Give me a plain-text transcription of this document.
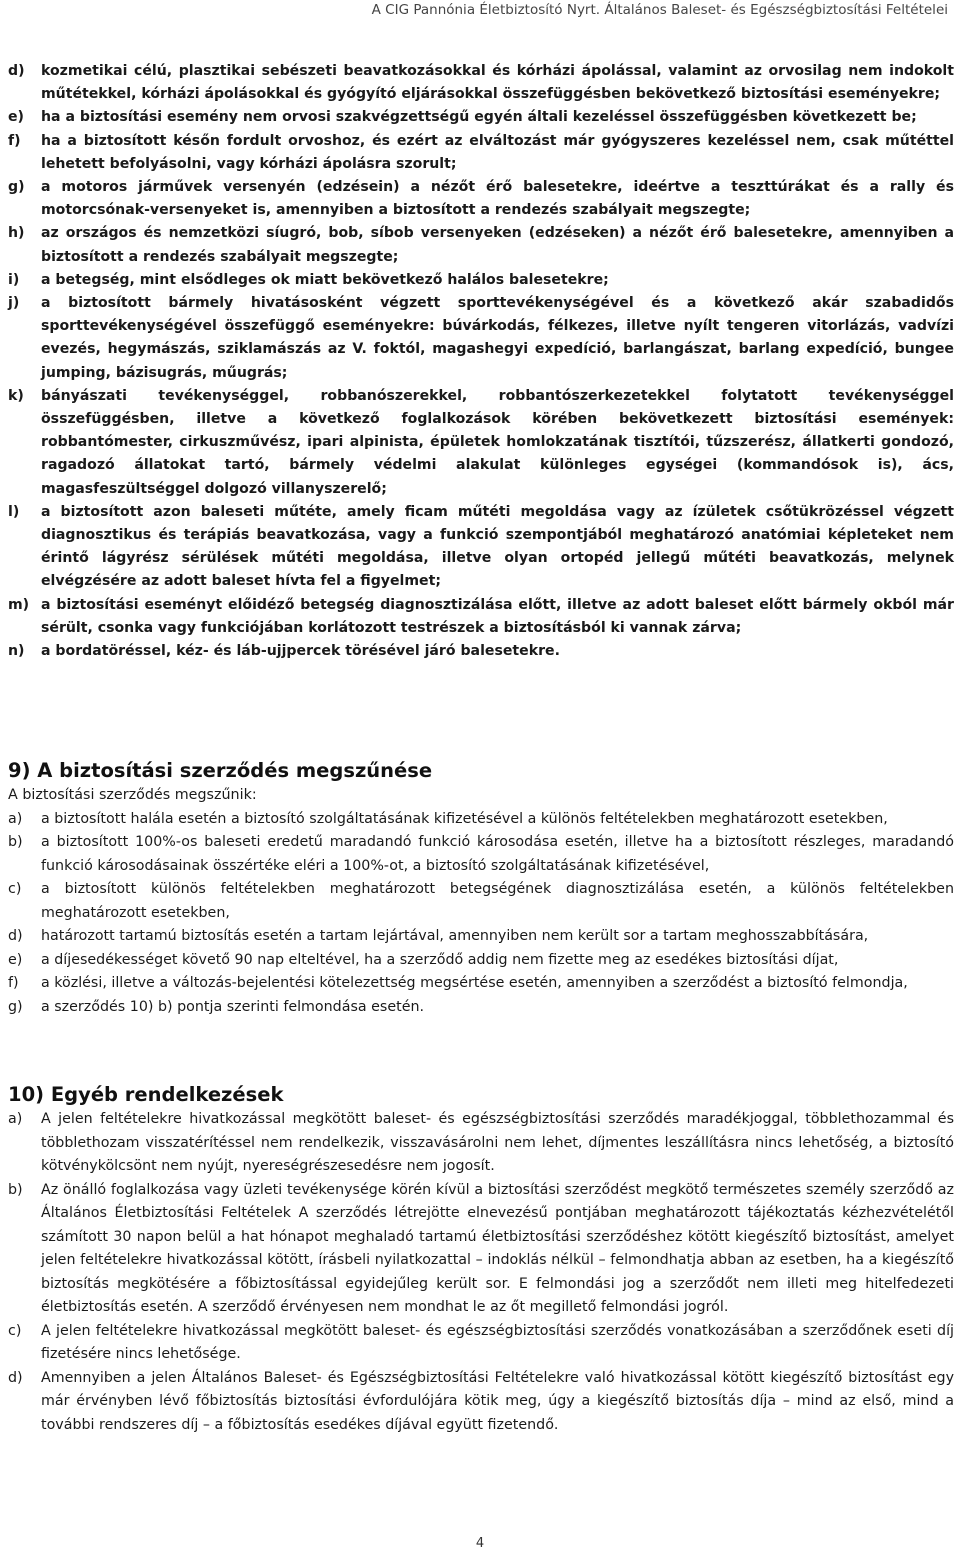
A CIG Pannónia Életbiztosító Nyrt. Általános Baleset- és Egészségbiztosítási Feltételei
d)	kozmetikai célú, plasztikai sebészeti beavatkozásokkal és kórházi ápolással, valamint az orvosilag nem indokolt műtétekkel, kórházi ápolásokkal és gyógyító eljárásokkal összefüggésben bekövetkező biztosítási eseményekre;
e)	ha a biztosítási esemény nem orvosi szakvégzettségű egyén általi kezeléssel összefüggésben következett be;
f)	ha a biztosított későn fordult orvoshoz, és ezért az elváltozást már gyógyszeres kezeléssel nem, csak műtéttel lehetett befolyásolni, vagy kórházi ápolásra szorult;
g)	a motoros járművek versenyén (edzésein) a nézőt érő balesetekre, ideértve a teszttúrákat és a rally és motorcsónak-versenyeket is, amennyiben a biztosított a rendezés szabályait megszegte;
h)	az országos és nemzetközi síugró, bob, síbob versenyeken (edzéseken) a nézőt érő balesetekre, amennyiben a biztosított a rendezés szabályait megszegte;
i)	a betegség, mint elsődleges ok miatt bekövetkező halálos balesetekre;
j)	a biztosított bármely hivatásosként végzett sporttevékenységével és a következő akár szabadidős sporttevékenységével összefüggő eseményekre: búvárkodás, félkezes, illetve nyílt tengeren vitorlázás, vadvízi evezés, hegymászás, sziklamászás az V. foktól, magashegyi expedíció, barlangászat, barlang expedíció, bungee jumping, bázisugrás, műugrás;
k)	bányászati tevékenységgel, robbanószerekkel, robbantószerkezetekkel folytatott tevékenységgel összefüggésben, illetve a következő foglalkozások körében bekövetkezett biztosítási események: robbantómester, cirkuszművész, ipari alpinista, épületek homlokzatának tisztítói, tűzszerész, állatkerti gondozó, ragadozó állatokat tartó, bármely védelmi alakulat különleges egységei (kommandósok is), ács, magasfeszültséggel dolgozó villanyszerelő;
l)	a biztosított azon baleseti műtéte, amely ficam műtéti megoldása vagy az ízületek csőtükrözéssel végzett diagnosztikus és terápiás beavatkozása, vagy a funkció szempontjából meghatározó anatómiai képleteket nem érintő lágyrész sérülések műtéti megoldása, illetve olyan ortopéd jellegű műtéti beavatkozás, melynek elvégzésére az adott baleset hívta fel a figyelmet;
m) a biztosítási eseményt előidéző betegség diagnosztizálása előtt, illetve az adott baleset előtt bármely okból már sérült, csonka vagy funkciójában korlátozott testrészek a biztosításból ki vannak zárva;
n)	a bordatöréssel, kéz- és láb-ujjpercek törésével járó balesetekre.
9) A biztosítási szerződés megszűnése
A biztosítási szerződés megszűnik:
a)	a biztosított halála esetén a biztosító szolgáltatásának kifizetésével a különös feltételekben meghatározott esetekben,
b)	a biztosított 100%-os baleseti eredetű maradandó funkció károsodása esetén, illetve ha a biztosított részleges, maradandó funkció károsodásainak összértéke eléri a 100%-ot, a biztosító szolgáltatásának kifizetésével,
c)	a biztosított különös feltételekben meghatározott betegségének diagnosztizálása esetén, a különös feltételekben meghatározott esetekben,
d)	határozott tartamú biztosítás esetén a tartam lejártával, amennyiben nem került sor a tartam meghosszabbítására,
e)	a díjesedékességet követő 90 nap elteltével, ha a szerződő addig nem fizette meg az esedékes biztosítási díjat,
f)	a közlési, illetve a változás-bejelentési kötelezettség megsértése esetén, amennyiben a szerződést a biztosító felmondja,
g)	a szerződés 10) b) pontja szerinti felmondása esetén.
10) Egyéb rendelkezések
a)	A jelen feltételekre hivatkozással megkötött baleset- és egészségbiztosítási szerződés maradékjoggal, többlethozammal és többlethozam visszatérítéssel nem rendelkezik, visszavásárolni nem lehet, díjmentes leszállításra nincs lehetőség, a biztosító kötvénykölcsönt nem nyújt, nyereségrészesedésre nem jogosít.
b)	Az önálló foglalkozása vagy üzleti tevékenysége körén kívül a biztosítási szerződést megkötő természetes személy szerződő az Általános Életbiztosítási Feltételek A szerződés létrejötte elnevezésű pontjában meghatározott tájékoztatás kézhezvételétől számított 30 napon belül a hat hónapot meghaladó tartamú életbiztosítási szerződéshez kötött kiegészítő biztosítást, amelyet jelen feltételekre hivatkozással kötött, írásbeli nyilatkozattal – indoklás nélkül – felmondhatja abban az esetben, ha a kiegészítő biztosítás megkötésére a főbiztosítással egyidejűleg került sor. E felmondási jog a szerződőt nem illeti meg hitelfedezeti életbiztosítás esetén. A szerződő érvényesen nem mondhat le az őt megillető felmondási jogról.
c)	A jelen feltételekre hivatkozással megkötött baleset- és egészségbiztosítási szerződés vonatkozásában a szerződőnek eseti díj fizetésére nincs lehetősége.
d)	Amennyiben a jelen Általános Baleset- és Egészségbiztosítási Feltételekre való hivatkozással kötött kiegészítő biztosítást egy már érvényben lévő főbiztosítás biztosítási évfordulójára kötik meg, úgy a kiegészítő biztosítás díja – mind az első, mind a további rendszeres díj – a főbiztosítás esedékes díjával együtt fizetendő.
4
